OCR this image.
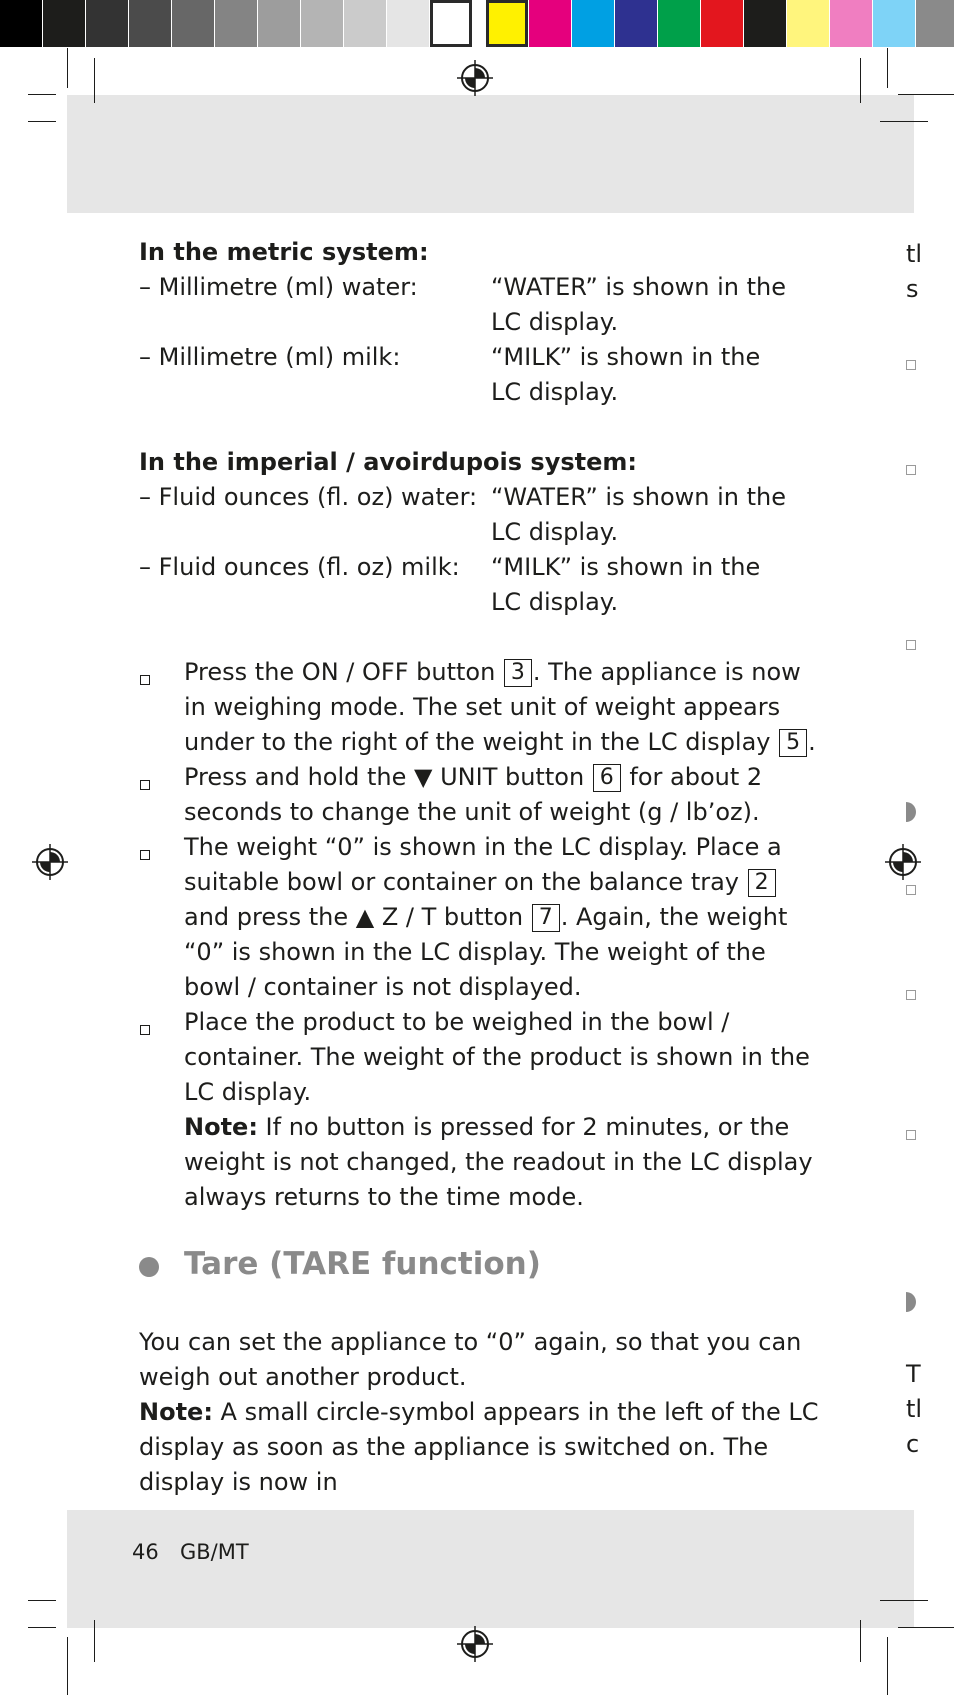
In the metric system:
– Millimetre (ml) water:	“WATER” is shown in the
LC display.
– Millimetre (ml) milk:	“MILK” is shown in the
LC display.
In the imperial / avoirdupois system:
– Fluid ounces (fl. oz) water: “WATER” is shown in the
LC display.
– Fluid ounces (fl. oz) milk: “MILK” is shown in the
LC display.
Press the ON / OFF button 3 . The appliance is now in weighing mode. The set unit of weight appears under to the right of the weight in the LC display 5 .
Press and hold the ▼ UNIT button 6 for about 2 seconds to change the unit of weight (g / lb’oz).
The weight “0” is shown in the LC display. Place a suitable bowl or container on the balance tray 2 and press the ▲ Z / T button 7 . Again, the weight “0” is shown in the LC display. The weight of the bowl / container is not displayed.
Place the product to be weighed in the bowl / container. The weight of the product is shown in the LC display.
Note: If no button is pressed for 2 minutes, or the weight is not changed, the readout in the LC display always returns to the time mode.
Tare (TARE function)
You can set the appliance to “0” again, so that you can weigh out another product.
Note: A small circle-symbol appears in the left of the LC display as soon as the appliance is switched on. The display is now in
tl
s
T
tl
c
46 GB/MT
